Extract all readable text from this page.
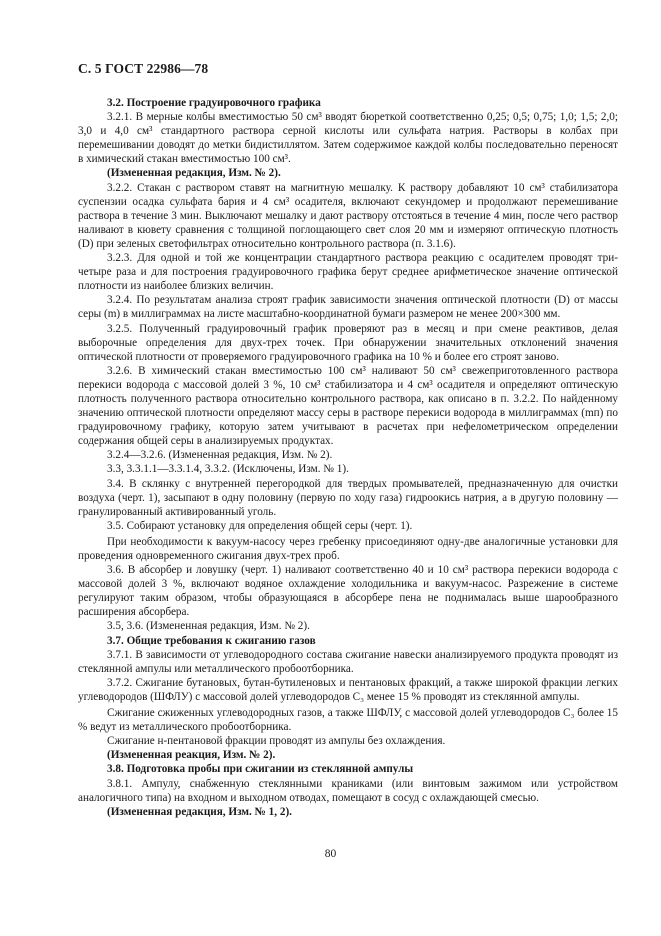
С. 5 ГОСТ 22986—78

3.2. Построение градуировочного графика

3.2.1. В мерные колбы вместимостью 50 см³ вводят бюреткой соответственно 0,25; 0,5; 0,75; 1,0; 1,5; 2,0; 3,0 и 4,0 см³ стандартного раствора серной кислоты или сульфата натрия. Растворы в колбах при перемешивании доводят до метки бидистиллятом. Затем содержимое каждой колбы последовательно переносят в химический стакан вместимостью 100 см³.

(Измененная редакция, Изм. № 2).

3.2.2. Стакан с раствором ставят на магнитную мешалку. К раствору добавляют 10 см³ стабилизатора суспензии осадка сульфата бария и 4 см³ осадителя, включают секундомер и продолжают перемешивание раствора в течение 3 мин. Выключают мешалку и дают раствору отстояться в течение 4 мин, после чего раствор наливают в кювету сравнения с толщиной поглощающего свет слоя 20 мм и измеряют оптическую плотность (D) при зеленых светофильтрах относительно контрольного раствора (п. 3.1.6).

3.2.3. Для одной и той же концентрации стандартного раствора реакцию с осадителем проводят три-четыре раза и для построения градуировочного графика берут среднее арифметическое значение оптической плотности из наиболее близких величин.

3.2.4. По результатам анализа строят график зависимости значения оптической плотности (D) от массы серы (m) в миллиграммах на листе масштабно-координатной бумаги размером не менее 200×300 мм.

3.2.5. Полученный градуировочный график проверяют раз в месяц и при смене реактивов, делая выборочные определения для двух-трех точек. При обнаружении значительных отклонений значения оптической плотности от проверяемого градуировочного графика на 10 % и более его строят заново.

3.2.6. В химический стакан вместимостью 100 см³ наливают 50 см³ свежеприготовленного раствора перекиси водорода с массовой долей 3 %, 10 см³ стабилизатора и 4 см³ осадителя и определяют оптическую плотность полученного раствора относительно контрольного раствора, как описано в п. 3.2.2. По найденному значению оптической плотности определяют массу серы в растворе перекиси водорода в миллиграммах (mп) по градуировочному графику, которую затем учитывают в расчетах при нефелометрическом определении содержания общей серы в анализируемых продуктах.

3.2.4—3.2.6. (Измененная редакция, Изм. № 2).

3.3, 3.3.1.1—3.3.1.4, 3.3.2. (Исключены, Изм. № 1).

3.4. В склянку с внутренней перегородкой для твердых промывателей, предназначенную для очистки воздуха (черт. 1), засыпают в одну половину (первую по ходу газа) гидроокись натрия, а в другую половину — гранулированный активированный уголь.

3.5. Собирают установку для определения общей серы (черт. 1).

При необходимости к вакуум-насосу через гребенку присоединяют одну-две аналогичные установки для проведения одновременного сжигания двух-трех проб.

3.6. В абсорбер и ловушку (черт. 1) наливают соответственно 40 и 10 см³ раствора перекиси водорода с массовой долей 3 %, включают водяное охлаждение холодильника и вакуум-насос. Разрежение в системе регулируют таким образом, чтобы образующаяся в абсорбере пена не поднималась выше шарообразного расширения абсорбера.

3.5, 3.6. (Измененная редакция, Изм. № 2).

3.7. Общие требования к сжиганию газов

3.7.1. В зависимости от углеводородного состава сжигание навески анализируемого продукта проводят из стеклянной ампулы или металлического пробоотборника.

3.7.2. Сжигание бутановых, бутан-бутиленовых и пентановых фракций, а также широкой фракции легких углеводородов (ШФЛУ) с массовой долей углеводородов C₃ менее 15 % проводят из стеклянной ампулы.

Сжигание сжиженных углеводородных газов, а также ШФЛУ, с массовой долей углеводородов C₃ более 15 % ведут из металлического пробоотборника.

Сжигание н-пентановой фракции проводят из ампулы без охлаждения.

(Измененная реакция, Изм. № 2).

3.8. Подготовка пробы при сжигании из стеклянной ампулы

3.8.1. Ампулу, снабженную стеклянными краниками (или винтовым зажимом или устройством аналогичного типа) на входном и выходном отводах, помещают в сосуд с охлаждающей смесью.

(Измененная редакция, Изм. № 1, 2).

80
